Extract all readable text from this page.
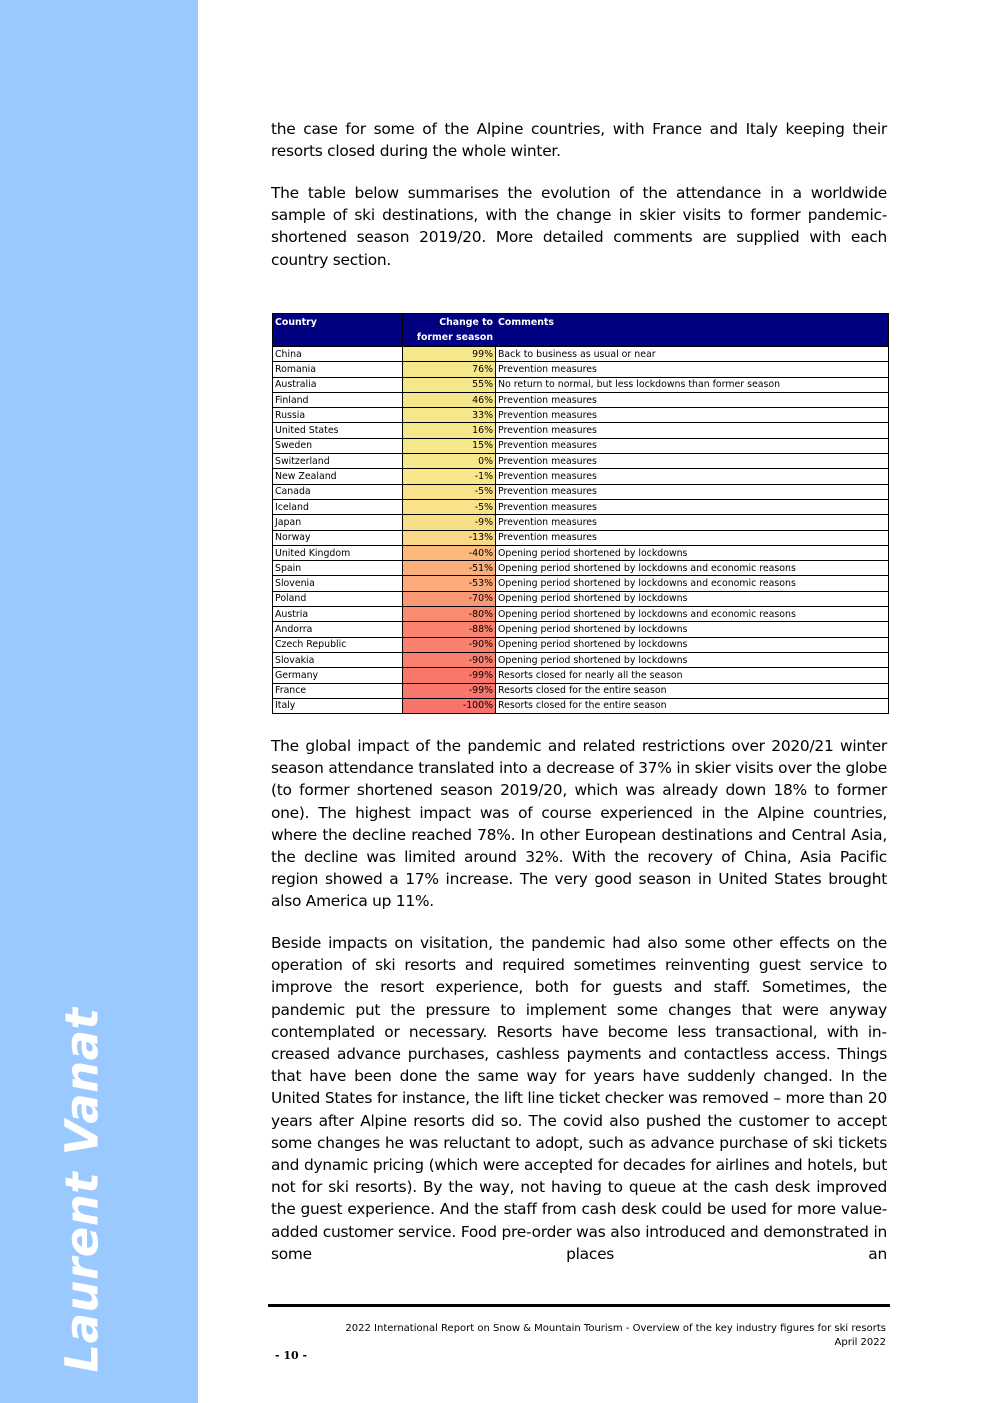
Laurent Vanat

the case for some of the Alpine countries, with France and Italy keeping their resorts closed during the whole winter.

The table below summarises the evolution of the attendance in a worldwide sample of ski destinations, with the change in skier visits to former pandemic-shortened season 2019/20. More detailed comments are supplied with each country section.

Country	Change to former season	Comments
China	99%	Back to business as usual or near
Romania	76%	Prevention measures
Australia	55%	No return to normal, but less lockdowns than former season
Finland	46%	Prevention measures
Russia	33%	Prevention measures
United States	16%	Prevention measures
Sweden	15%	Prevention measures
Switzerland	0%	Prevention measures
New Zealand	-1%	Prevention measures
Canada	-5%	Prevention measures
Iceland	-5%	Prevention measures
Japan	-9%	Prevention measures
Norway	-13%	Prevention measures
United Kingdom	-40%	Opening period shortened by lockdowns
Spain	-51%	Opening period shortened by lockdowns and economic reasons
Slovenia	-53%	Opening period shortened by lockdowns and economic reasons
Poland	-70%	Opening period shortened by lockdowns
Austria	-80%	Opening period shortened by lockdowns and economic reasons
Andorra	-88%	Opening period shortened by lockdowns
Czech Republic	-90%	Opening period shortened by lockdowns
Slovakia	-90%	Opening period shortened by lockdowns
Germany	-99%	Resorts closed for nearly all the season
France	-99%	Resorts closed for the entire season
Italy	-100%	Resorts closed for the entire season

The global impact of the pandemic and related restrictions over 2020/21 winter season attendance translated into a decrease of 37% in skier visits over the globe (to former shortened season 2019/20, which was already down 18% to former one). The highest impact was of course experienced in the Alpine countries, where the decline reached 78%. In other European destinations and Central Asia, the decline was limited around 32%. With the recovery of China, Asia Pacific region showed a 17% increase. The very good season in United States brought also America up 11%.

Beside impacts on visitation, the pandemic had also some other effects on the operation of ski resorts and required sometimes reinventing guest service to improve the resort experience, both for guests and staff. Sometimes, the pandemic put the pressure to implement some changes that were anyway contemplated or necessary. Resorts have become less transactional, with increased advance purchases, cashless payments and contactless access. Things that have been done the same way for years have suddenly changed. In the United States for instance, the lift line ticket checker was removed – more than 20 years after Alpine resorts did so. The covid also pushed the customer to accept some changes he was reluctant to adopt, such as advance purchase of ski tickets and dynamic pricing (which were accepted for decades for airlines and hotels, but not for ski resorts). By the way, not having to queue at the cash desk improved the guest experience. And the staff from cash desk could be used for more value-added customer service. Food pre-order was also introduced and demonstrated in some places an

2022 International Report on Snow & Mountain Tourism - Overview of the key industry figures for ski resorts
April 2022
- 10 -
